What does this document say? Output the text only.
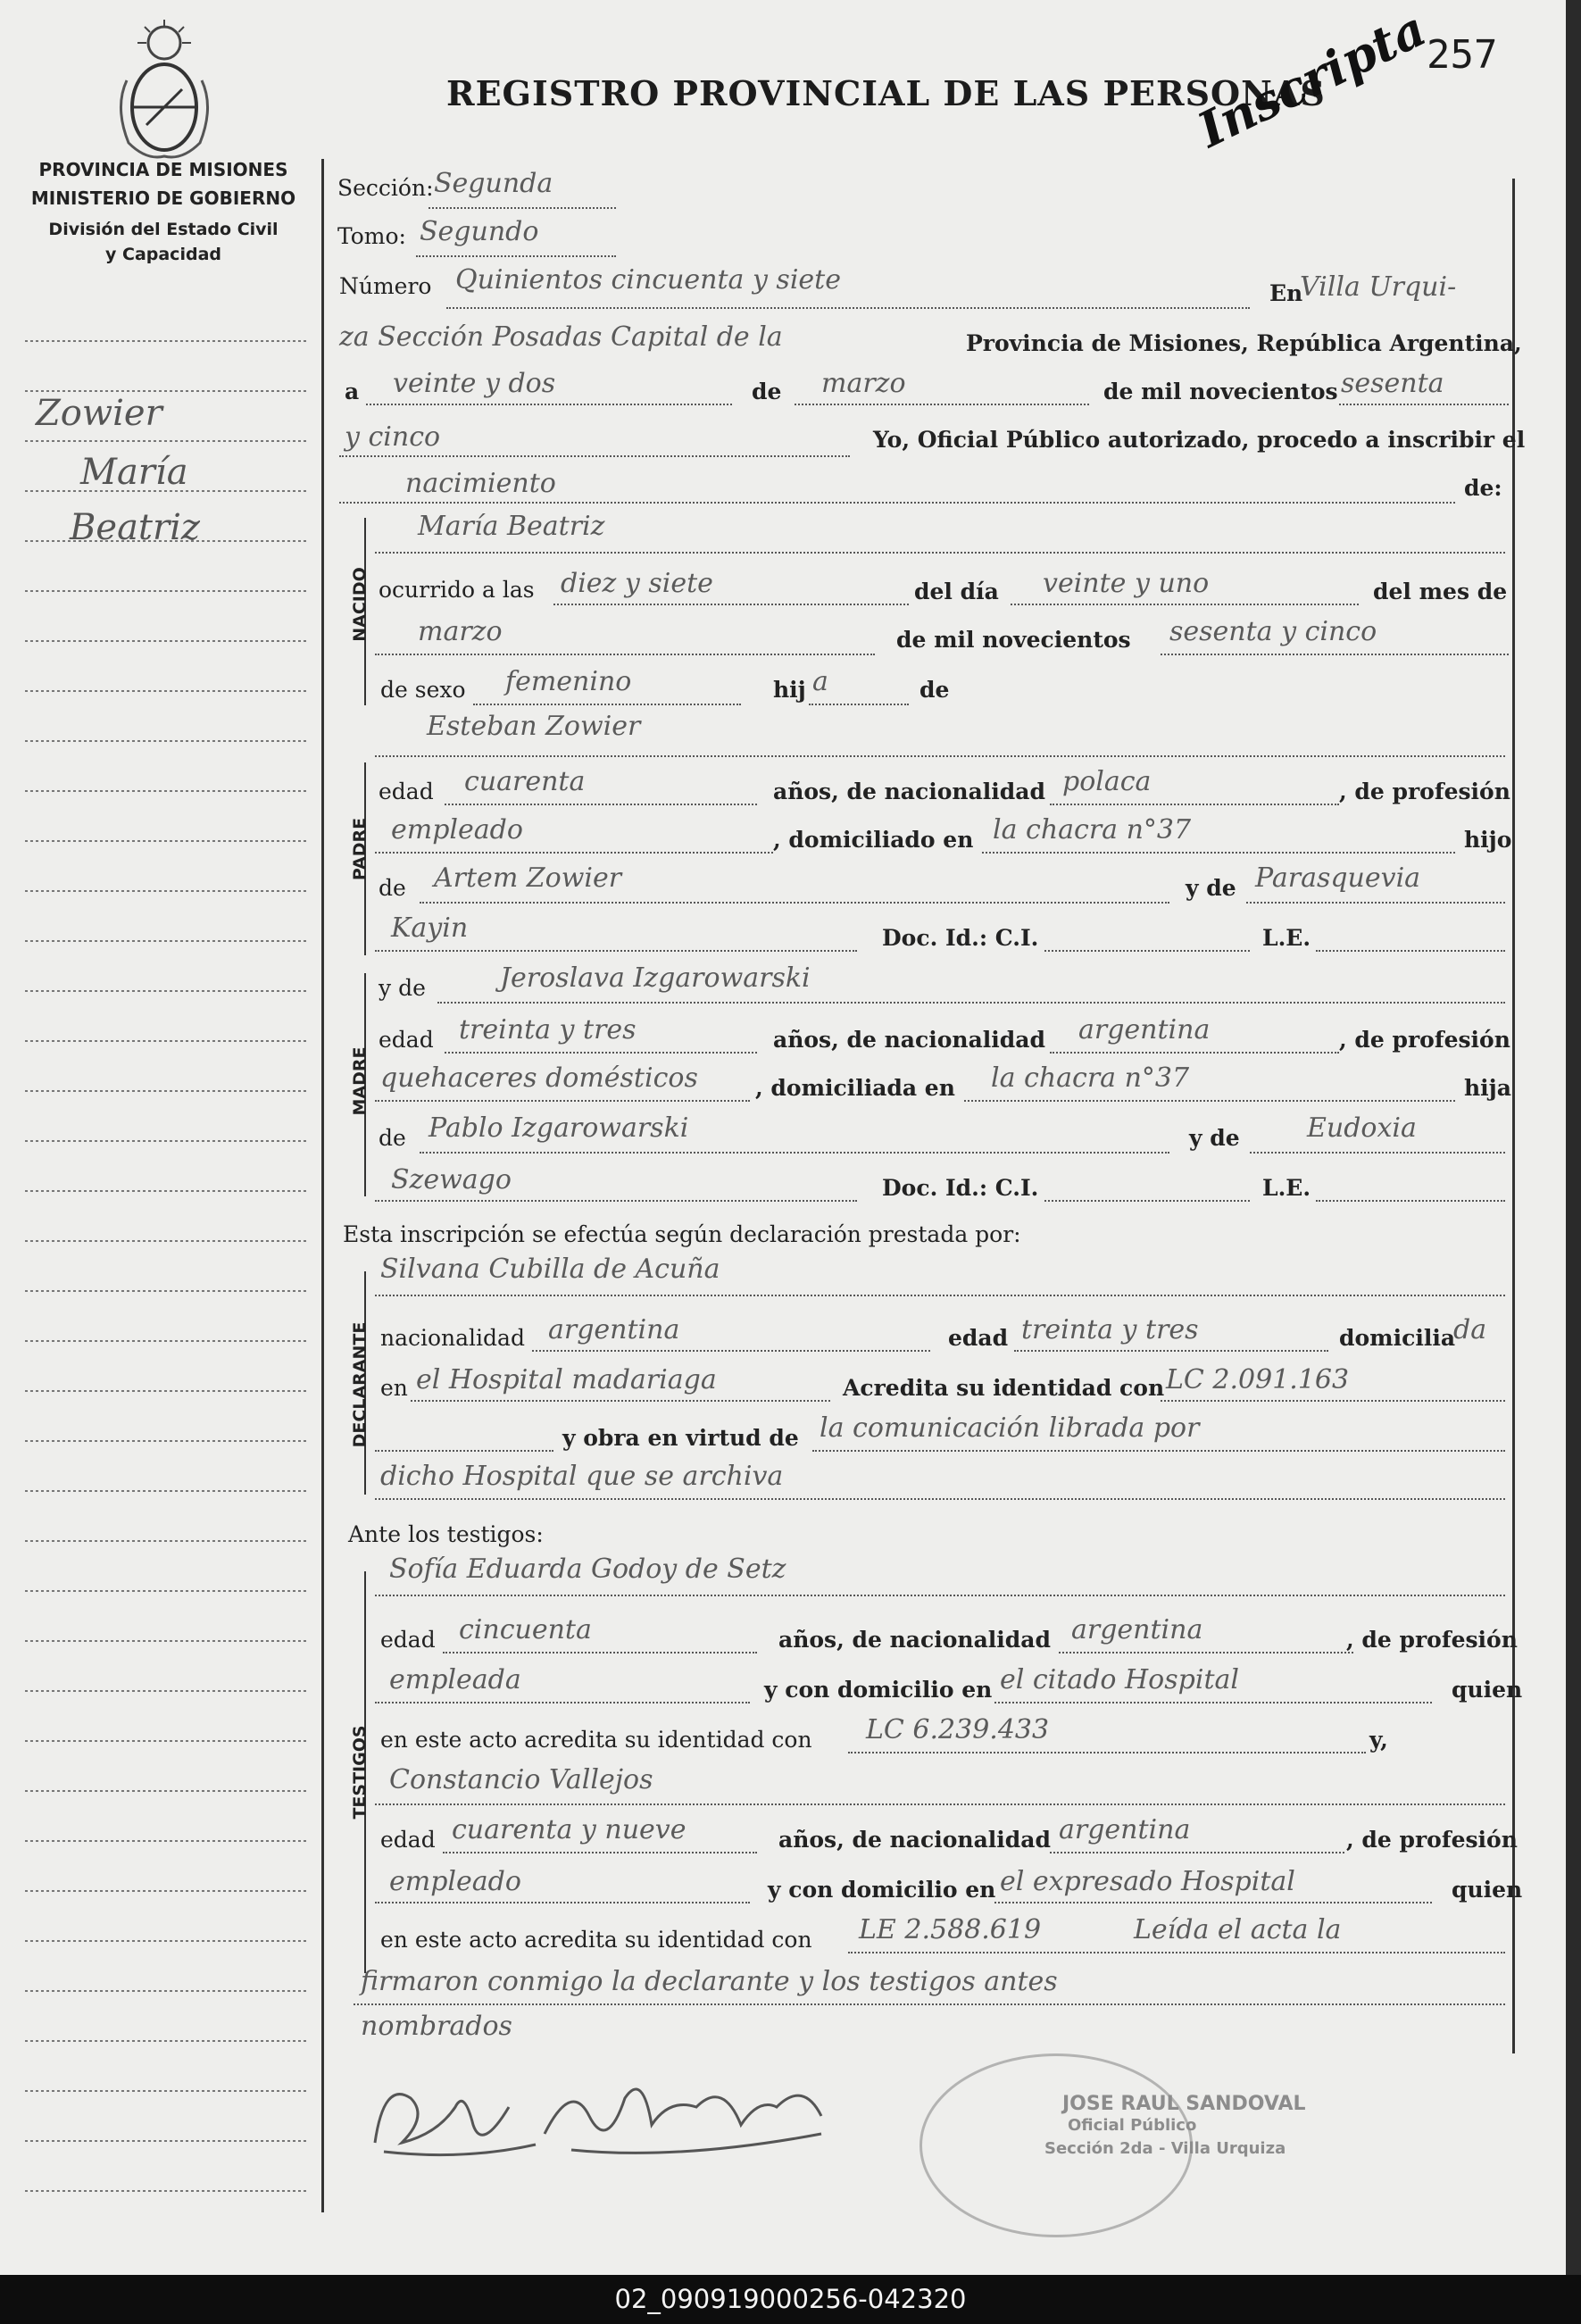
257
REGISTRO PROVINCIAL DE LAS PERSONAS
Inscripta
PROVINCIA DE MISIONES
MINISTERIO DE GOBIERNO
División del Estado Civil
y Capacidad
Zowier
María
Beatriz
Sección: Segunda
Tomo: Segundo
Número Quinientos cincuenta y siete	En
Villa Urqui-
za Sección Posadas Capital de la	Provincia de Misiones, República Argentina,
a veinte y dos	de marzo	de mil novecientos sesenta
y cinco	Yo, Oficial Público autorizado, procedo a inscribir el
nacimiento	de:
NACIDO
María Beatriz
ocurrido a las diez y siete	del día veinte y uno	del mes de
marzo	de mil novecientos sesenta y cinco
de sexo femenino	hij a	de
Esteban Zowier
PADRE
edad cuarenta	años, de nacionalidad polaca	, de profesión
empleado	, domiciliado en la chacra n°37	hijo
de Artem Zowier	y de Parasquevia
Kayin	Doc. Id.: C.I.	L.E.
MADRE
y de	Jeroslava Izgarowarski
edad treinta y tres	años, de nacionalidad argentina	, de profesión
quehaceres domésticos	, domiciliada en la chacra n°37	hija
de Pablo Izgarowarski	y de	Eudoxia
Szewago	Doc. Id.: C.I.	L.E.
Esta inscripción se efectúa según declaración prestada por:
Silvana Cubilla de Acuña
DECLARANTE nacionalidad argentina	edad treinta y tres	domicilia
da
en el Hospital madariaga	Acredita su identidad con LC 2.091.163
y obra en virtud de la comunicación librada por
dicho Hospital que se archiva
Ante los testigos:
Sofía Eduarda Godoy de Setz
TESTIGOS
edad cincuenta	años, de nacionalidad argentina	, de profesión
empleada	y con domicilio en el citado Hospital	quien
en este acto acredita su identidad con LC 6.239.433	y,
Constancio Vallejos
edad cuarenta y nueve	años, de nacionalidad argentina	, de profesión
empleado	y con domicilio en el expresado Hospital	quien
en este acto acredita su identidad con LE 2.588.619	Leída el acta la
firmaron conmigo la declarante y los testigos antes
nombrados
JOSE RAUL SANDOVAL
Oficial Público
Sección 2da - Villa Urquiza
02_090919000256-042320
